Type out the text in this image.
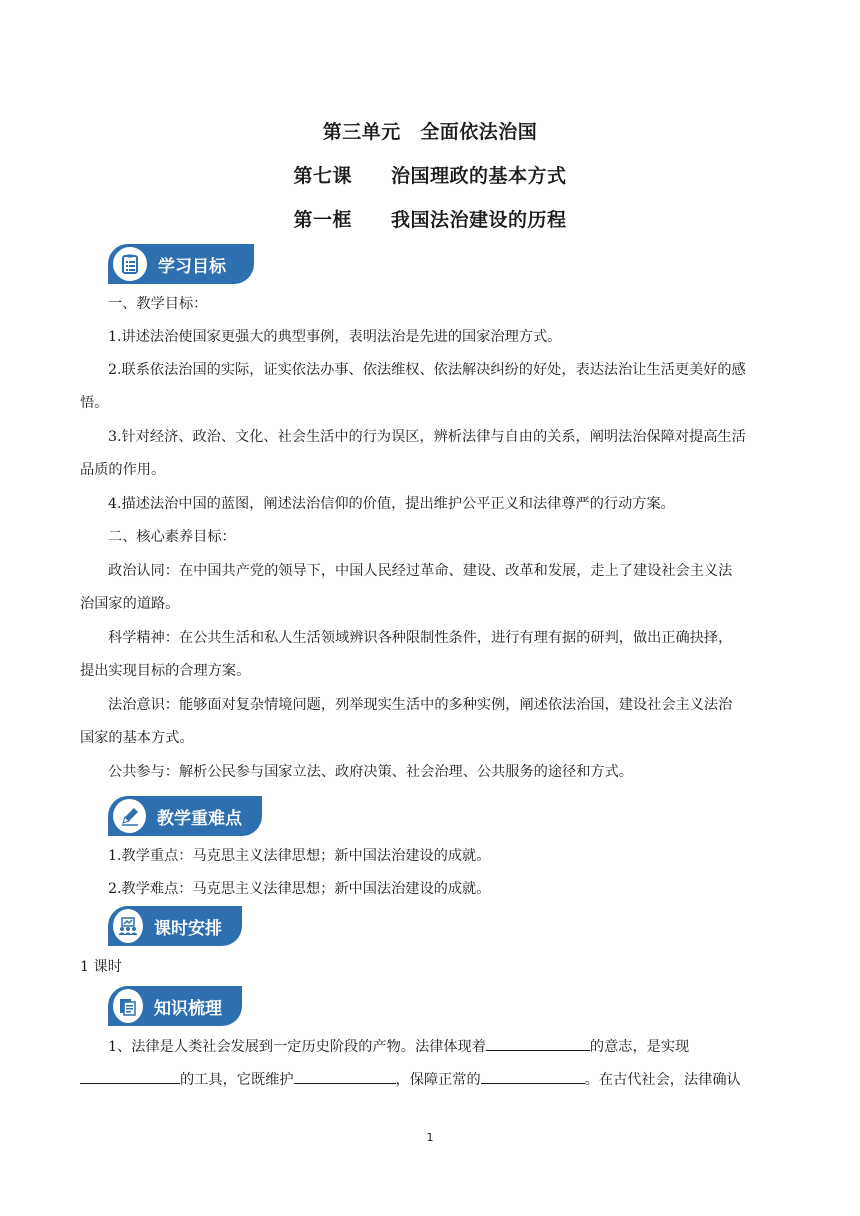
第三单元　全面依法治国
第七课　　治国理政的基本方式
第一框　　我国法治建设的历程
学习目标
一、教学目标：
1.讲述法治使国家更强大的典型事例，表明法治是先进的国家治理方式。
2.联系依法治国的实际，证实依法办事、依法维权、依法解决纠纷的好处，表达法治让生活更美好的感
悟。
3.针对经济、政治、文化、社会生活中的行为误区，辨析法律与自由的关系，阐明法治保障对提高生活
品质的作用。
4.描述法治中国的蓝图，阐述法治信仰的价值，提出维护公平正义和法律尊严的行动方案。
二、核心素养目标：
政治认同：在中国共产党的领导下，中国人民经过革命、建设、改革和发展，走上了建设社会主义法
治国家的道路。
科学精神：在公共生活和私人生活领域辨识各种限制性条件，进行有理有据的研判，做出正确抉择，
提出实现目标的合理方案。
法治意识：能够面对复杂情境问题，列举现实生活中的多种实例，阐述依法治国，建设社会主义法治
国家的基本方式。
公共参与：解析公民参与国家立法、政府决策、社会治理、公共服务的途径和方式。
教学重难点
1.教学重点：马克思主义法律思想；新中国法治建设的成就。
2.教学难点：马克思主义法律思想；新中国法治建设的成就。
课时安排
1 课时
知识梳理
1、法律是人类社会发展到一定历史阶段的产物。法律体现着	的意志，是实现
的工具，它既维护	，保障正常的	。在古代社会，法律确认
1
